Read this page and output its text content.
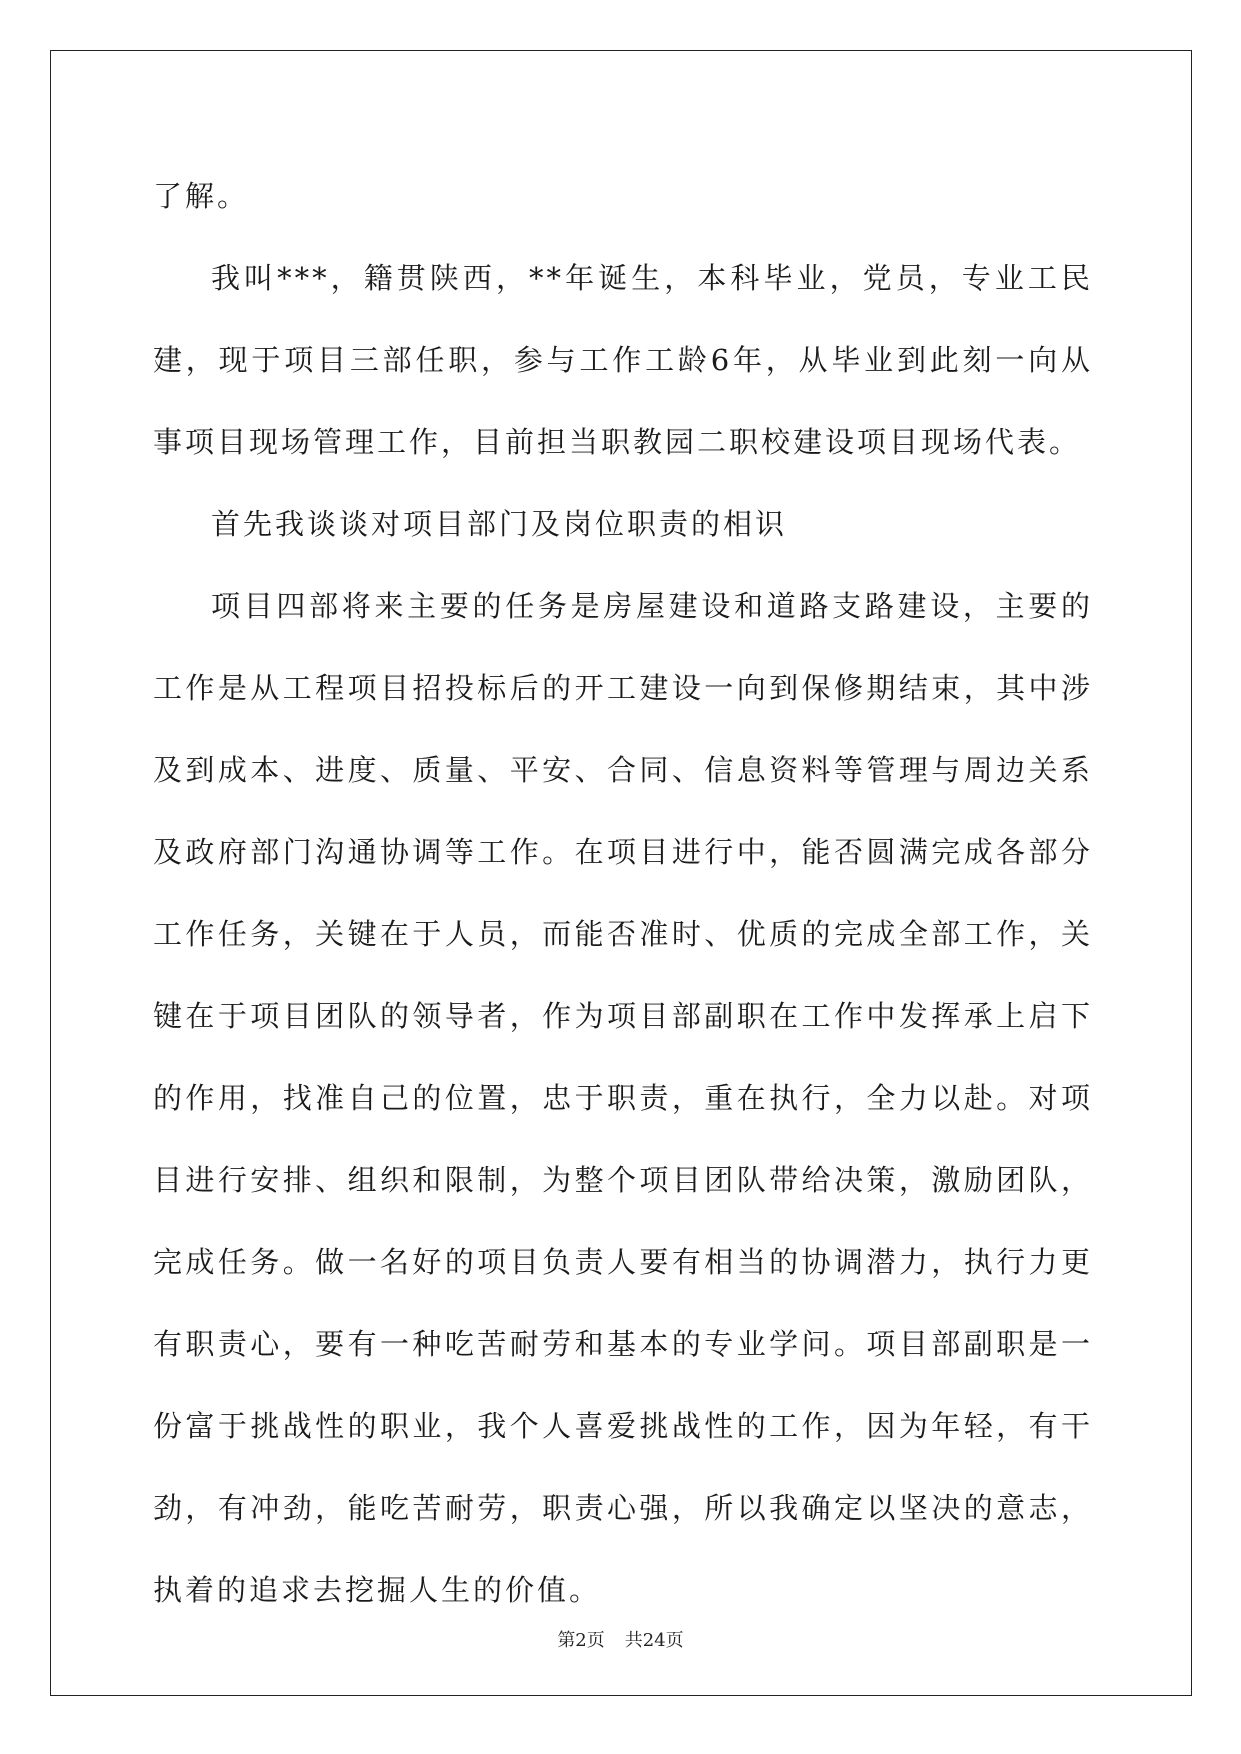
了解。

我叫***，籍贯陕西，**年诞生，本科毕业，党员，专业工民建，现于项目三部任职，参与工作工龄6年，从毕业到此刻一向从事项目现场管理工作，目前担当职教园二职校建设项目现场代表。

首先我谈谈对项目部门及岗位职责的相识

项目四部将来主要的任务是房屋建设和道路支路建设，主要的工作是从工程项目招投标后的开工建设一向到保修期结束，其中涉及到成本、进度、质量、平安、合同、信息资料等管理与周边关系及政府部门沟通协调等工作。在项目进行中，能否圆满完成各部分工作任务，关键在于人员，而能否准时、优质的完成全部工作，关键在于项目团队的领导者，作为项目部副职在工作中发挥承上启下的作用，找准自己的位置，忠于职责，重在执行，全力以赴。对项目进行安排、组织和限制，为整个项目团队带给决策，激励团队，完成任务。做一名好的项目负责人要有相当的协调潜力，执行力更有职责心，要有一种吃苦耐劳和基本的专业学问。项目部副职是一份富于挑战性的职业，我个人喜爱挑战性的工作，因为年轻，有干劲，有冲劲，能吃苦耐劳，职责心强，所以我确定以坚决的意志，执着的追求去挖掘人生的价值。

第2页 共24页
